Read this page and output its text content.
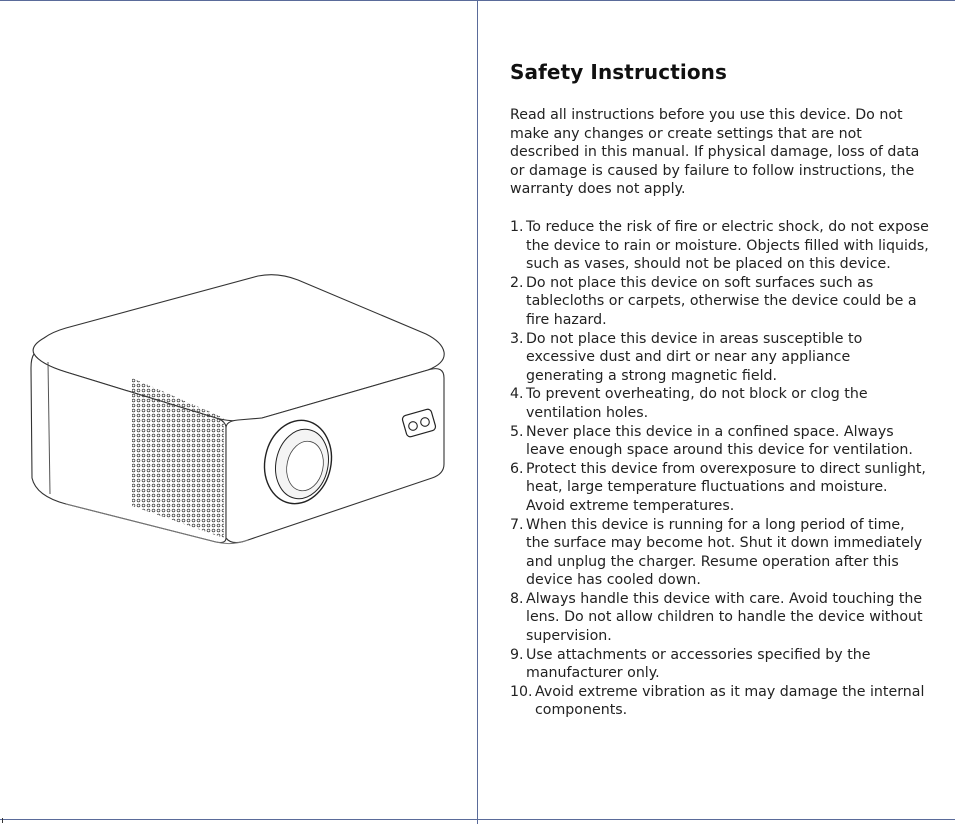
Safety Instructions

Read all instructions before you use this device. Do not make any changes or create settings that are not described in this manual. If physical damage, loss of data or damage is caused by failure to follow instructions, the warranty does not apply.

1. To reduce the risk of fire or electric shock, do not expose the device to rain or moisture. Objects filled with liquids, such as vases, should not be placed on this device.
2. Do not place this device on soft surfaces such as tablecloths or carpets, otherwise the device could be a fire hazard.
3. Do not place this device in areas susceptible to excessive dust and dirt or near any appliance generating a strong magnetic field.
4. To prevent overheating, do not block or clog the ventilation holes.
5. Never place this device in a confined space. Always leave enough space around this device for ventilation.
6. Protect this device from overexposure to direct sunlight, heat, large temperature fluctuations and moisture. Avoid extreme temperatures.
7. When this device is running for a long period of time, the surface may become hot. Shut it down immediately and unplug the charger. Resume operation after this device has cooled down.
8. Always handle this device with care. Avoid touching the lens. Do not allow children to handle the device without supervision.
9. Use attachments or accessories specified by the manufacturer only.
10. Avoid extreme vibration as it may damage the internal components.
